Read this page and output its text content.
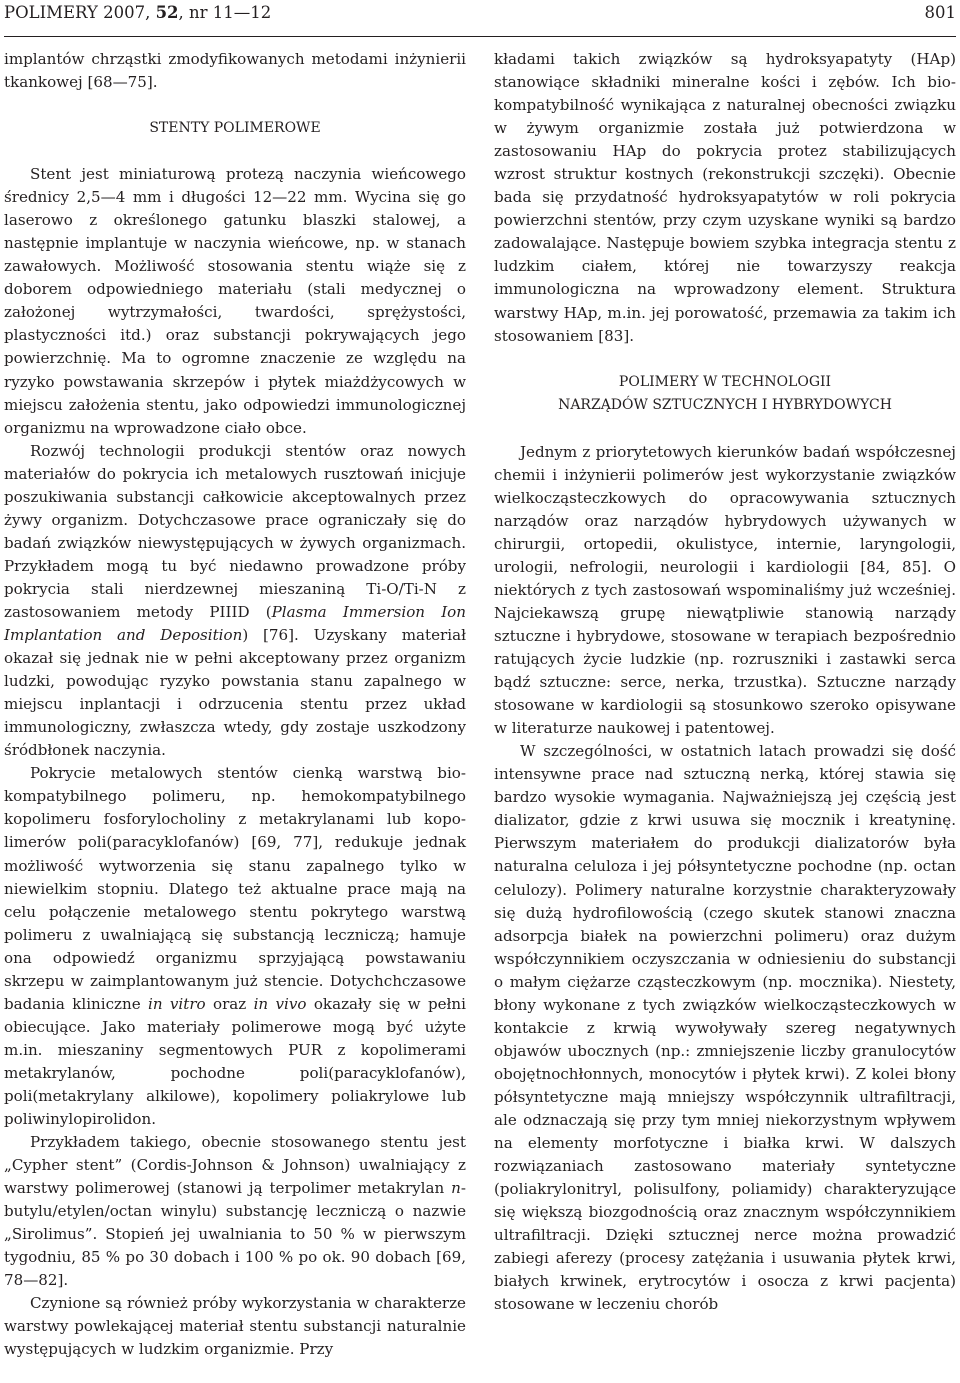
POLIMERY 2007, 52, nr 11—12	801

implantów chrząstki zmodyfikowanych metodami inżynierii tkankowej [68—75].

STENTY POLIMEROWE

Stent jest miniaturową protezą naczynia wieńcowego średnicy 2,5—4 mm i długości 12—22 mm. Wycina się go laserowo z określonego gatunku blaszki stalowej, a następnie implantuje w naczynia wieńcowe, np. w stanach zawałowych. Możliwość stosowania stentu wiąże się z doborem odpowiedniego materiału (stali medycznej o założonej wytrzymałości, twardości, sprężystości, plastyczności itd.) oraz substancji pokrywających jego powierzchnię. Ma to ogromne znaczenie ze względu na ryzyko powstawania skrzepów i płytek miażdżycowych w miejscu założenia stentu, jako odpowiedzi immunologicznej organizmu na wprowadzone ciało obce.

Rozwój technologii produkcji stentów oraz nowych materiałów do pokrycia ich metalowych rusztowań inicjuje poszukiwania substancji całkowicie akceptowalnych przez żywy organizm. Dotychczasowe prace ograniczały się do badań związków niewystępujących w żywych organizmach. Przykładem mogą tu być niedawno prowadzone próby pokrycia stali nierdzewnej mieszaniną Ti-O/Ti-N z zastosowaniem metody PIIID (Plasma Immersion Ion Implantation and Deposition) [76]. Uzyskany materiał okazał się jednak nie w pełni akceptowany przez organizm ludzki, powodując ryzyko powstania stanu zapalnego w miejscu inplantacji i odrzucenia stentu przez układ immunologiczny, zwłaszcza wtedy, gdy zostaje uszkodzony śródbłonek naczynia.

Pokrycie metalowych stentów cienką warstwą biokompatybilnego polimeru, np. hemokompatybilnego kopolimeru fosforylocholiny z metakrylanami lub kopolimerów poli(paracyklofanów) [69, 77], redukuje jednak możliwość wytworzenia się stanu zapalnego tylko w niewielkim stopniu. Dlatego też aktualne prace mają na celu połączenie metalowego stentu pokrytego warstwą polimeru z uwalniającą się substancją leczniczą; hamuje ona odpowiedź organizmu sprzyjającą powstawaniu skrzepu w zaimplantowanym już stencie. Dotychchczasowe badania kliniczne in vitro oraz in vivo okazały się w pełni obiecujące. Jako materiały polimerowe mogą być użyte m.in. mieszaniny segmentowych PUR z kopolimerami metakrylanów, pochodne poli(paracyklofanów), poli(metakrylany alkilowe), kopolimery poliakrylowe lub poliwinylopirolidon.

Przykładem takiego, obecnie stosowanego stentu jest „Cypher stent” (Cordis-Johnson & Johnson) uwalniający z warstwy polimerowej (stanowi ją terpolimer metakrylan n-butylu/etylen/octan winylu) substancję leczniczą o nazwie „Sirolimus”. Stopień jej uwalniania to 50 % w pierwszym tygodniu, 85 % po 30 dobach i 100 % po ok. 90 dobach [69, 78—82].

Czynione są również próby wykorzystania w charakterze warstwy powlekającej materiał stentu substancji naturalnie występujących w ludzkim organizmie. Przy

kładami takich związków są hydroksyapatyty (HAp) stanowiące składniki mineralne kości i zębów. Ich biokompatybilność wynikająca z naturalnej obecności związku w żywym organizmie została już potwierdzona w zastosowaniu HAp do pokrycia protez stabilizujących wzrost struktur kostnych (rekonstrukcji szczęki). Obecnie bada się przydatność hydroksyapatytów w roli pokrycia powierzchni stentów, przy czym uzyskane wyniki są bardzo zadowalające. Następuje bowiem szybka integracja stentu z ludzkim ciałem, której nie towarzyszy reakcja immunologiczna na wprowadzony element. Struktura warstwy HAp, m.in. jej porowatość, przemawia za takim ich stosowaniem [83].

POLIMERY W TECHNOLOGII
NARZĄDÓW SZTUCZNYCH I HYBRYDOWYCH

Jednym z priorytetowych kierunków badań współczesnej chemii i inżynierii polimerów jest wykorzystanie związków wielkocząsteczkowych do opracowywania sztucznych narządów oraz narządów hybrydowych używanych w chirurgii, ortopedii, okulistyce, internie, laryngologii, urologii, nefrologii, neurologii i kardiologii [84, 85]. O niektórych z tych zastosowań wspominaliśmy już wcześniej. Najciekawszą grupę niewątpliwie stanowią narządy sztuczne i hybrydowe, stosowane w terapiach bezpośrednio ratujących życie ludzkie (np. rozruszniki i zastawki serca bądź sztuczne: serce, nerka, trzustka). Sztuczne narządy stosowane w kardiologii są stosunkowo szeroko opisywane w literaturze naukowej i patentowej.

W szczególności, w ostatnich latach prowadzi się dość intensywne prace nad sztuczną nerką, której stawia się bardzo wysokie wymagania. Najważniejszą jej częścią jest dializator, gdzie z krwi usuwa się mocznik i kreatyninę. Pierwszym materiałem do produkcji dializatorów była naturalna celuloza i jej półsyntetyczne pochodne (np. octan celulozy). Polimery naturalne korzystnie charakteryzowały się dużą hydrofilowością (czego skutek stanowi znaczna adsorpcja białek na powierzchni polimeru) oraz dużym współczynnikiem oczyszczania w odniesieniu do substancji o małym ciężarze cząsteczkowym (np. mocznika). Niestety, błony wykonane z tych związków wielkocząsteczkowych w kontakcie z krwią wywoływały szereg negatywnych objawów ubocznych (np.: zmniejszenie liczby granulocytów obojętnochłonnych, monocytów i płytek krwi). Z kolei błony półsyntetyczne mają mniejszy współczynnik ultrafiltracji, ale odznaczają się przy tym mniej niekorzystnym wpływem na elementy morfotyczne i białka krwi. W dalszych rozwiązaniach zastosowano materiały syntetyczne (poliakrylonitryl, polisulfony, poliamidy) charakteryzujące się większą biozgodnością oraz znacznym współczynnikiem ultrafiltracji. Dzięki sztucznej nerce można prowadzić zabiegi aferezy (procesy zatężania i usuwania płytek krwi, białych krwinek, erytrocytów i osocza z krwi pacjenta) stosowane w leczeniu chorób
